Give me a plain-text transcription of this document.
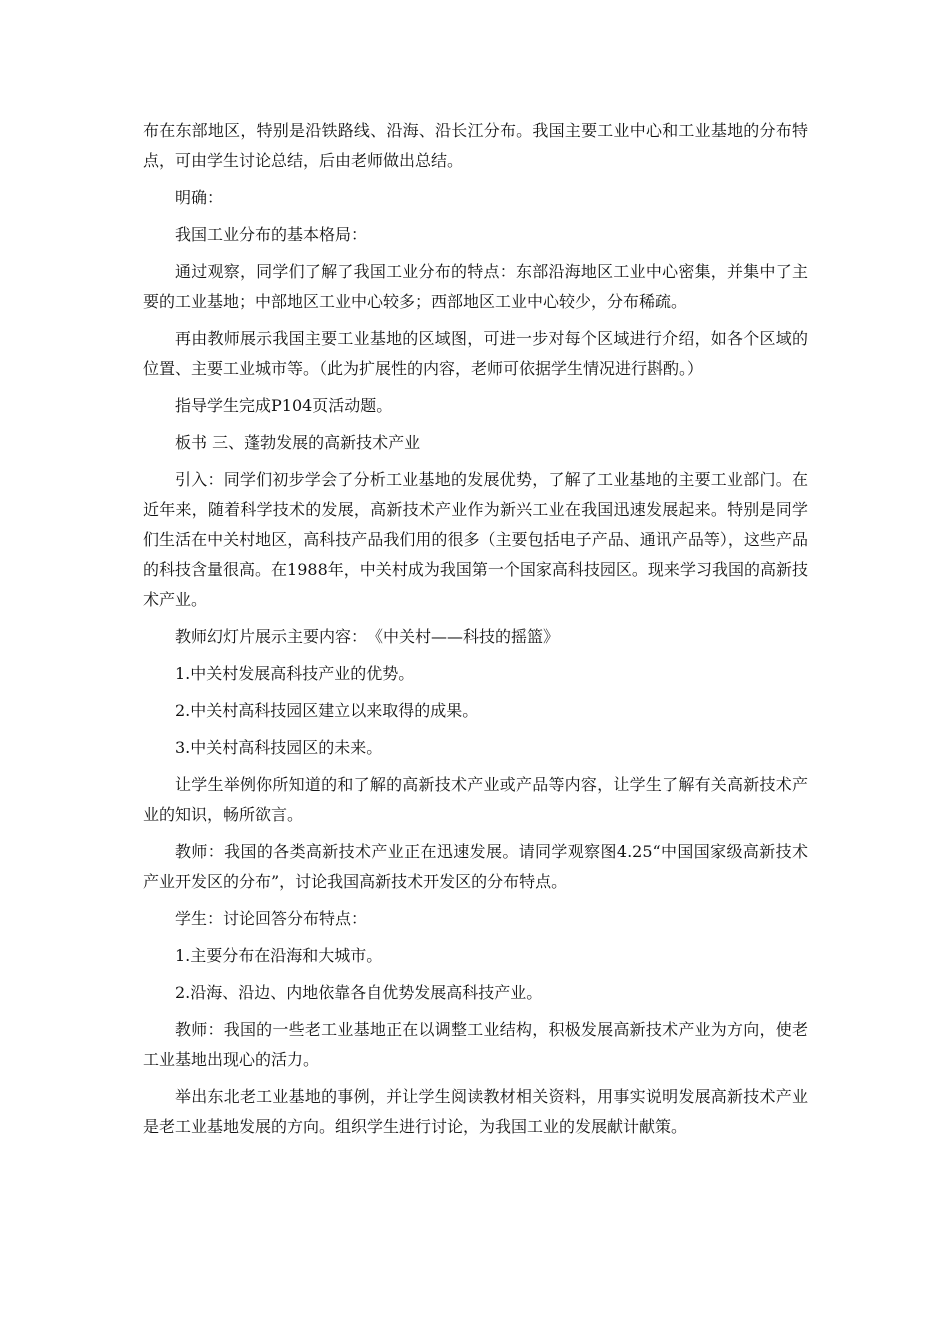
布在东部地区，特别是沿铁路线、沿海、沿长江分布。我国主要工业中心和工业基地的分布特点，可由学生讨论总结，后由老师做出总结。

明确：

我国工业分布的基本格局：

通过观察，同学们了解了我国工业分布的特点：东部沿海地区工业中心密集，并集中了主要的工业基地；中部地区工业中心较多；西部地区工业中心较少，分布稀疏。

再由教师展示我国主要工业基地的区域图，可进一步对每个区域进行介绍，如各个区域的位置、主要工业城市等。（此为扩展性的内容，老师可依据学生情况进行斟酌。）

指导学生完成P104页活动题。

板书 三、蓬勃发展的高新技术产业

引入：同学们初步学会了分析工业基地的发展优势，了解了工业基地的主要工业部门。在近年来，随着科学技术的发展，高新技术产业作为新兴工业在我国迅速发展起来。特别是同学们生活在中关村地区，高科技产品我们用的很多（主要包括电子产品、通讯产品等），这些产品的科技含量很高。在1988年，中关村成为我国第一个国家高科技园区。现来学习我国的高新技术产业。

教师幻灯片展示主要内容：　《中关村——科技的摇篮》

1.中关村发展高科技产业的优势。

2.中关村高科技园区建立以来取得的成果。

3.中关村高科技园区的未来。

让学生举例你所知道的和了解的高新技术产业或产品等内容，让学生了解有关高新技术产业的知识，畅所欲言。

教师：我国的各类高新技术产业正在迅速发展。请同学观察图4.25“中国国家级高新技术产业开发区的分布”，讨论我国高新技术开发区的分布特点。

学生：讨论回答分布特点：

1.主要分布在沿海和大城市。

2.沿海、沿边、内地依靠各自优势发展高科技产业。

教师：我国的一些老工业基地正在以调整工业结构，积极发展高新技术产业为方向，使老工业基地出现心的活力。

举出东北老工业基地的事例，并让学生阅读教材相关资料，用事实说明发展高新技术产业是老工业基地发展的方向。组织学生进行讨论，为我国工业的发展献计献策。
